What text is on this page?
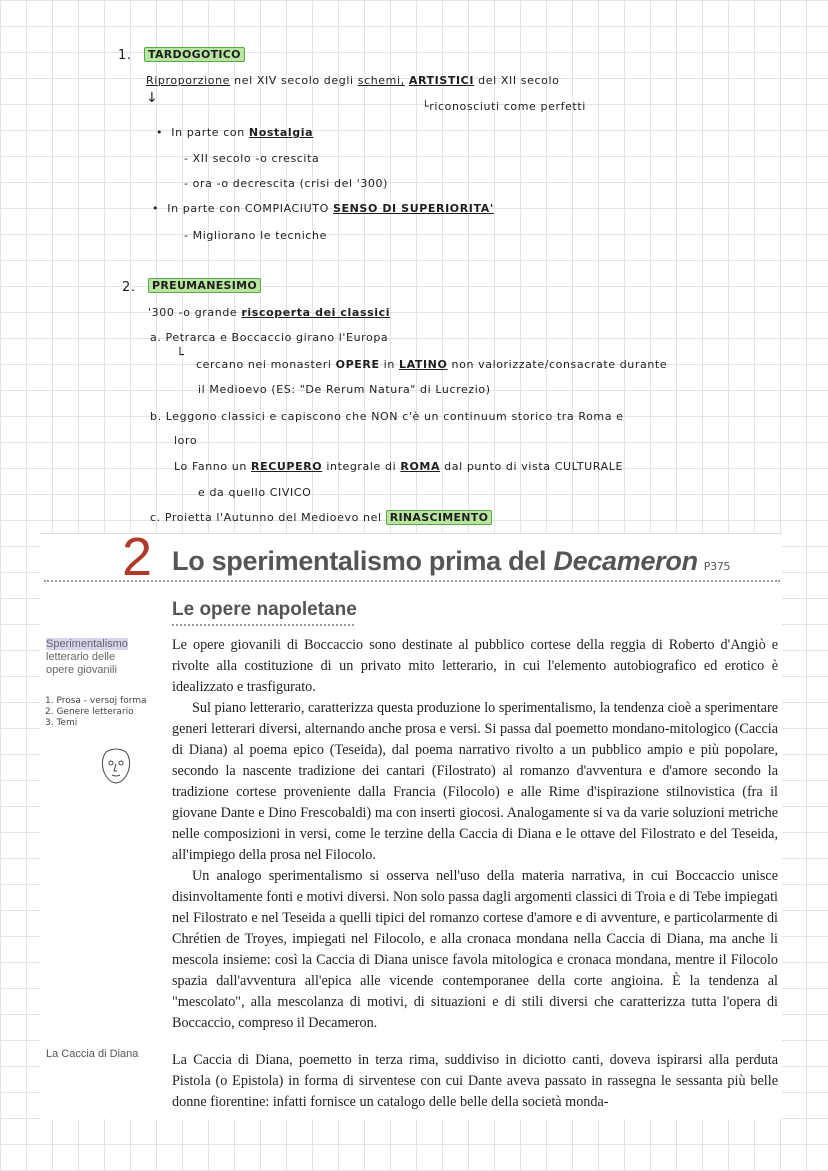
1.	TARDOGOTICO
Riproporzione nel XIV secolo degli schemi, ARTISTICI del XII secolo
↓
└riconosciuti come perfetti
•  In parte con Nostalgia
- XII secolo -o crescita
- ora -o decrescita (crisi del '300)
•  In parte con COMPIACIUTO SENSO DI SUPERIORITA'
- Migliorano le tecniche
2.	PREUMANESIMO
'300 -o grande riscoperta dei classici
a. Petrarca e Boccaccio girano l'Europa
└
cercano nei monasteri OPERE in LATINO non valorizzate/consacrate durante
il Medioevo (ES: "De Rerum Natura" di Lucrezio)
b. Leggono classici e capiscono che NON c'è un continuum storico tra Roma e
loro
Lo Fanno un RECUPERO integrale di ROMA dal punto di vista CULTURALE
e da quello CIVICO
c. Proietta l'Autunno del Medioevo nel RINASCIMENTO
2 Lo sperimentalismo prima del Decameron P375
Le opere napoletane
Sperimentalismo
letterario delle
opere giovanili
1. Prosa - versoj forma
2. Genere letterario
3. Temi

Le opere giovanili di Boccaccio sono destinate al pubblico cortese della reggia di Roberto d'Angiò e rivolte alla costituzione di un privato mito letterario, in cui l'elemento autobiografico ed erotico è idealizzato e trasfigurato.

Sul piano letterario, caratterizza questa produzione lo sperimentalismo, la tendenza cioè a sperimentare generi letterari diversi, alternando anche prosa e versi. Si passa dal poemetto mondano-mitologico (Caccia di Diana) al poema epico (Teseida), dal poema narrativo rivolto a un pubblico ampio e più popolare, secondo la nascente tradizione dei cantari (Filostrato) al romanzo d'avventura e d'amore secondo la tradizione cortese proveniente dalla Francia (Filocolo) e alle Rime d'ispirazione stilnovistica (fra il giovane Dante e Dino Frescobaldi) ma con inserti giocosi. Analogamente si va da varie soluzioni metriche nelle composizioni in versi, come le terzine della Caccia di Diana e le ottave del Filostrato e del Teseida, all'impiego della prosa nel Filocolo.

Un analogo sperimentalismo si osserva nell'uso della materia narrativa, in cui Boccaccio unisce disinvoltamente fonti e motivi diversi. Non solo passa dagli argomenti classici di Troia e di Tebe impiegati nel Filostrato e nel Teseida a quelli tipici del romanzo cortese d'amore e di avventure, e particolarmente di Chrétien de Troyes, impiegati nel Filocolo, e alla cronaca mondana nella Caccia di Diana, ma anche li mescola insieme: così la Caccia di Diana unisce favola mitologica e cronaca mondana, mentre il Filocolo spazia dall'avventura all'epica alle vicende contemporanee della corte angioina. È la tendenza al "mescolato", alla mescolanza di motivi, di situazioni e di stili diversi che caratterizza tutta l'opera di Boccaccio, compreso il Decameron.

La Caccia di Diana La Caccia di Diana, poemetto in terza rima, suddiviso in diciotto canti, doveva ispirarsi alla perduta Pistola (o Epistola) in forma di sirventese con cui Dante aveva passato in rassegna le sessanta più belle donne fiorentine: infatti fornisce un catalogo delle belle della società monda-
